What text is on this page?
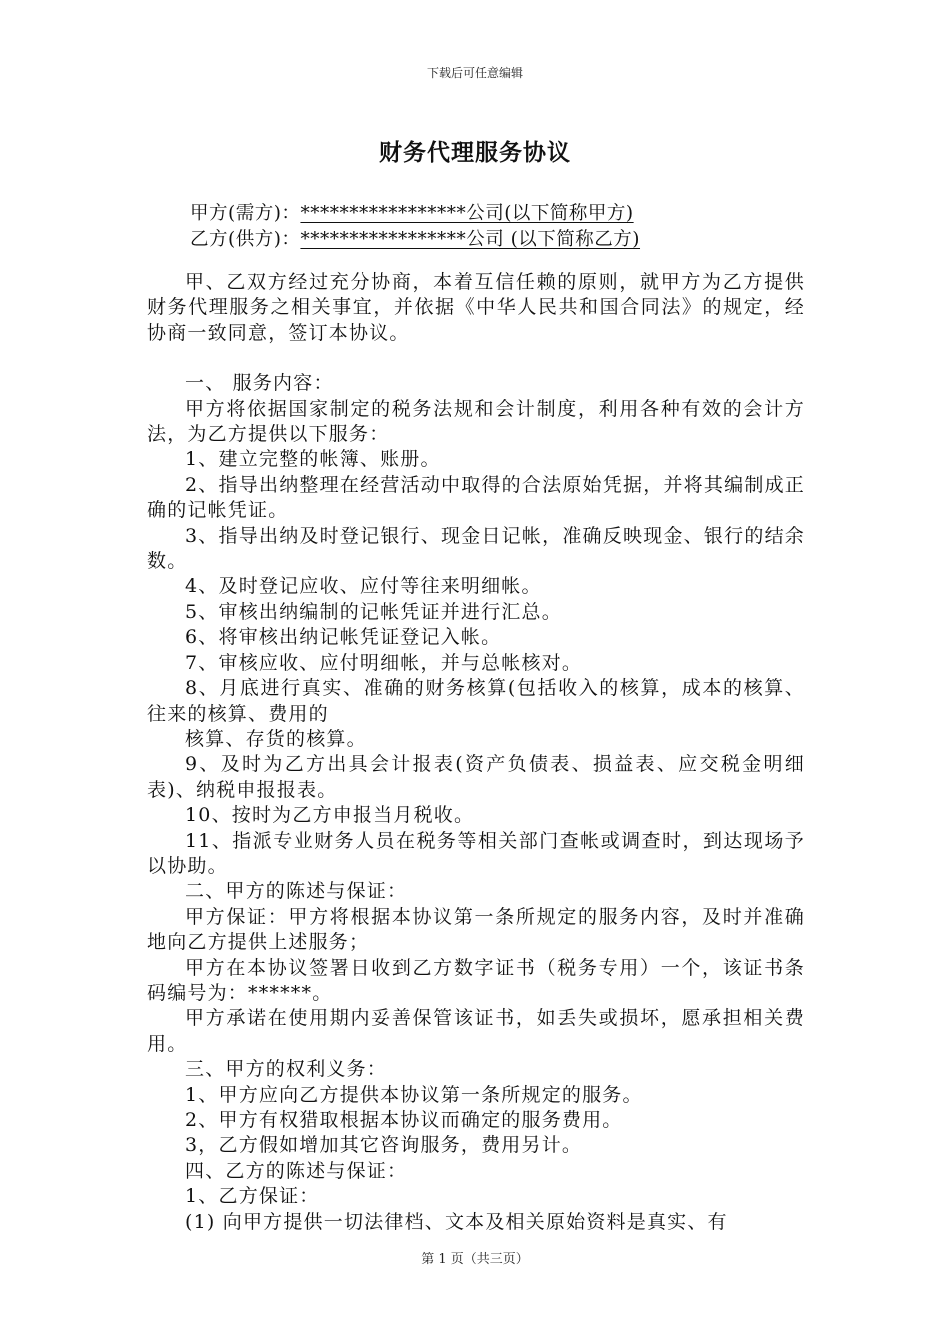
下载后可任意编辑
财务代理服务协议
甲方(需方)：*****************公司(以下简称甲方)
乙方(供方)：*****************公司 (以下简称乙方)

甲、乙双方经过充分协商，本着互信任赖的原则，就甲方为乙方提供财务代理服务之相关事宜，并依据《中华人民共和国合同法》的规定，经协商一致同意，签订本协议。

一、 服务内容：

甲方将依据国家制定的税务法规和会计制度，利用各种有效的会计方法，为乙方提供以下服务：

1、建立完整的帐簿、账册。

2、指导出纳整理在经营活动中取得的合法原始凭据，并将其编制成正确的记帐凭证。

3、指导出纳及时登记银行、现金日记帐，准确反映现金、银行的结余数。

4、及时登记应收、应付等往来明细帐。

5、审核出纳编制的记帐凭证并进行汇总。

6、将审核出纳记帐凭证登记入帐。

7、审核应收、应付明细帐，并与总帐核对。

8、月底进行真实、准确的财务核算(包括收入的核算，成本的核算、往来的核算、费用的

核算、存货的核算。

9、及时为乙方出具会计报表(资产负债表、损益表、应交税金明细表)、纳税申报报表。

10、按时为乙方申报当月税收。

11、指派专业财务人员在税务等相关部门查帐或调查时，到达现场予以协助。

二、甲方的陈述与保证：

甲方保证：甲方将根据本协议第一条所规定的服务内容，及时并准确地向乙方提供上述服务；

甲方在本协议签署日收到乙方数字证书（税务专用）一个，该证书条码编号为：******。

甲方承诺在使用期内妥善保管该证书，如丢失或损坏，愿承担相关费用。

三、甲方的权利义务：

1、甲方应向乙方提供本协议第一条所规定的服务。

2、甲方有权猎取根据本协议而确定的服务费用。

3，乙方假如增加其它咨询服务，费用另计。

四、乙方的陈述与保证：

1、乙方保证：

(1) 向甲方提供一切法律档、文本及相关原始资料是真实、有

第 1 页（共三页）
